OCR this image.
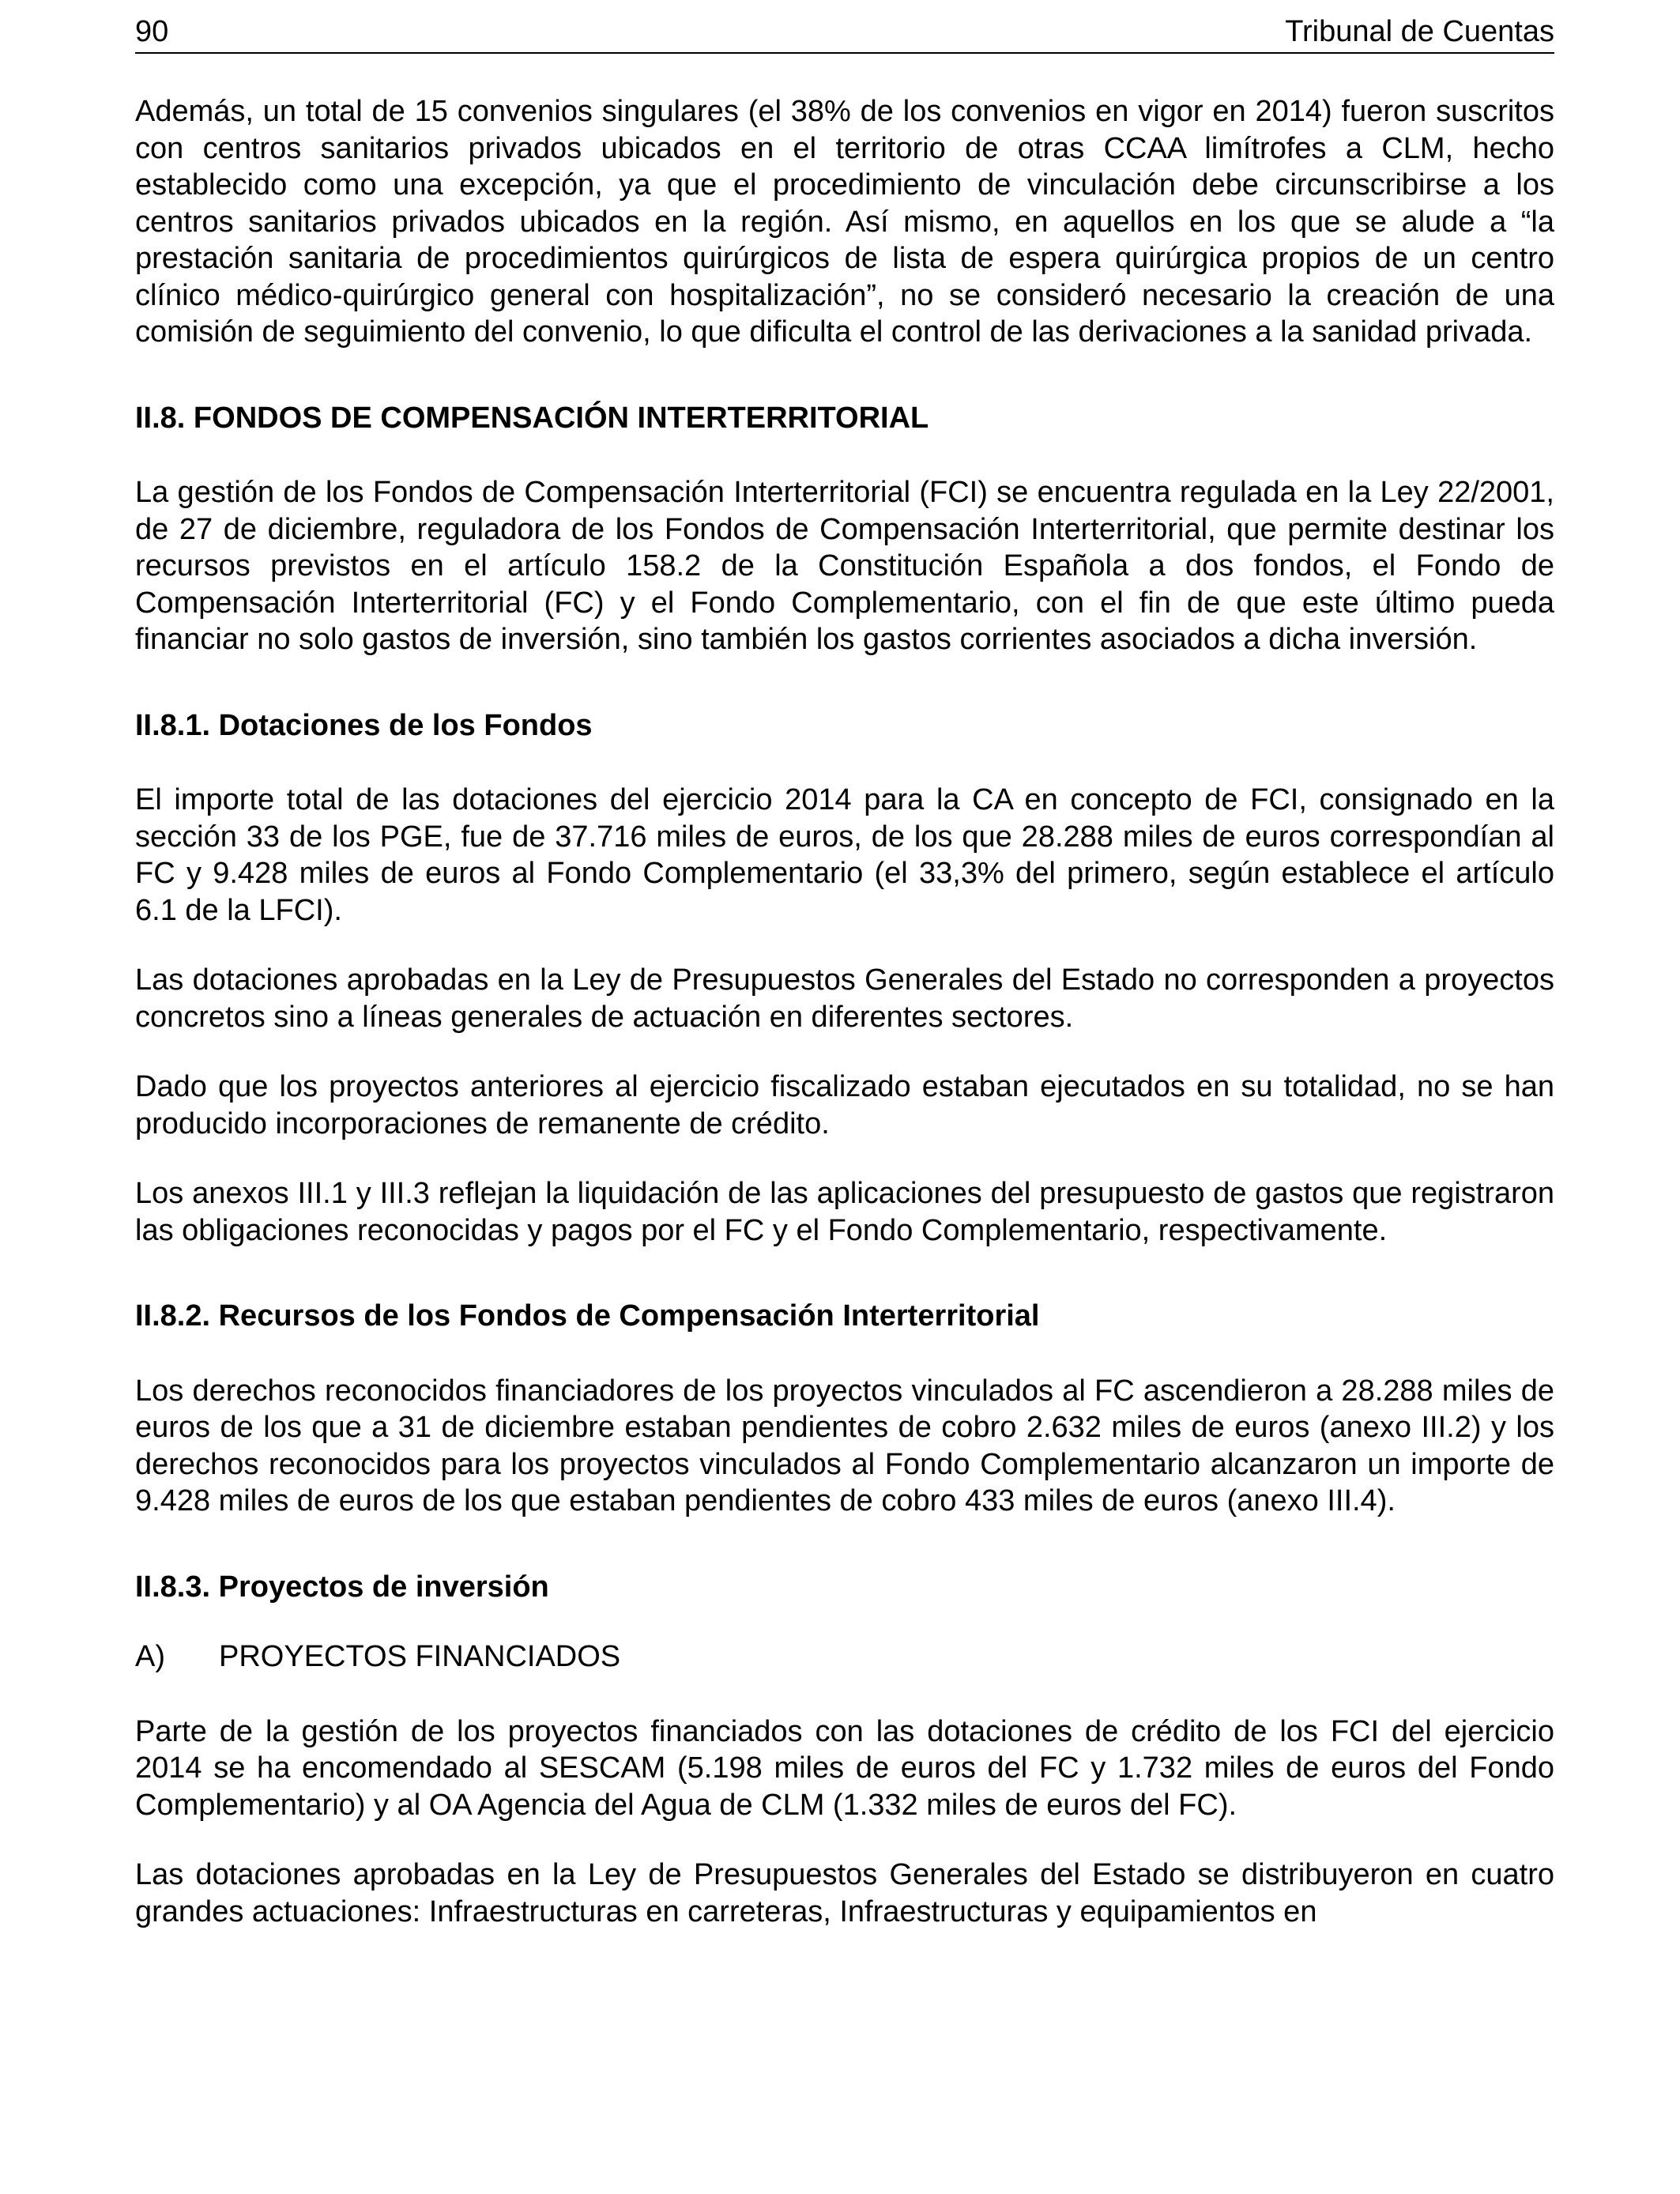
90	Tribunal de Cuentas

Además, un total de 15 convenios singulares (el 38% de los convenios en vigor en 2014) fueron suscritos con centros sanitarios privados ubicados en el territorio de otras CCAA limítrofes a CLM, hecho establecido como una excepción, ya que el procedimiento de vinculación debe circunscribirse a los centros sanitarios privados ubicados en la región. Así mismo, en aquellos en los que se alude a “la prestación sanitaria de procedimientos quirúrgicos de lista de espera quirúrgica propios de un centro clínico médico-quirúrgico general con hospitalización”, no se consideró necesario la creación de una comisión de seguimiento del convenio, lo que dificulta el control de las derivaciones a la sanidad privada.

II.8. FONDOS DE COMPENSACIÓN INTERTERRITORIAL

La gestión de los Fondos de Compensación Interterritorial (FCI) se encuentra regulada en la Ley 22/2001, de 27 de diciembre, reguladora de los Fondos de Compensación Interterritorial, que permite destinar los recursos previstos en el artículo 158.2 de la Constitución Española a dos fondos, el Fondo de Compensación Interterritorial (FC) y el Fondo Complementario, con el fin de que este último pueda financiar no solo gastos de inversión, sino también los gastos corrientes asociados a dicha inversión.

II.8.1. Dotaciones de los Fondos

El importe total de las dotaciones del ejercicio 2014 para la CA en concepto de FCI, consignado en la sección 33 de los PGE, fue de 37.716 miles de euros, de los que 28.288 miles de euros correspondían al FC y 9.428 miles de euros al Fondo Complementario (el 33,3% del primero, según establece el artículo 6.1 de la LFCI).

Las dotaciones aprobadas en la Ley de Presupuestos Generales del Estado no corresponden a proyectos concretos sino a líneas generales de actuación en diferentes sectores.

Dado que los proyectos anteriores al ejercicio fiscalizado estaban ejecutados en su totalidad, no se han producido incorporaciones de remanente de crédito.

Los anexos III.1 y III.3 reflejan la liquidación de las aplicaciones del presupuesto de gastos que registraron las obligaciones reconocidas y pagos por el FC y el Fondo Complementario, respectivamente.

II.8.2. Recursos de los Fondos de Compensación Interterritorial

Los derechos reconocidos financiadores de los proyectos vinculados al FC ascendieron a 28.288 miles de euros de los que a 31 de diciembre estaban pendientes de cobro 2.632 miles de euros (anexo III.2) y los derechos reconocidos para los proyectos vinculados al Fondo Complementario alcanzaron un importe de 9.428 miles de euros de los que estaban pendientes de cobro 433 miles de euros (anexo III.4).

II.8.3. Proyectos de inversión
A) PROYECTOS FINANCIADOS

Parte de la gestión de los proyectos financiados con las dotaciones de crédito de los FCI del ejercicio 2014 se ha encomendado al SESCAM (5.198 miles de euros del FC y 1.732 miles de euros del Fondo Complementario) y al OA Agencia del Agua de CLM (1.332 miles de euros del FC).

Las dotaciones aprobadas en la Ley de Presupuestos Generales del Estado se distribuyeron en cuatro grandes actuaciones: Infraestructuras en carreteras, Infraestructuras y equipamientos en
